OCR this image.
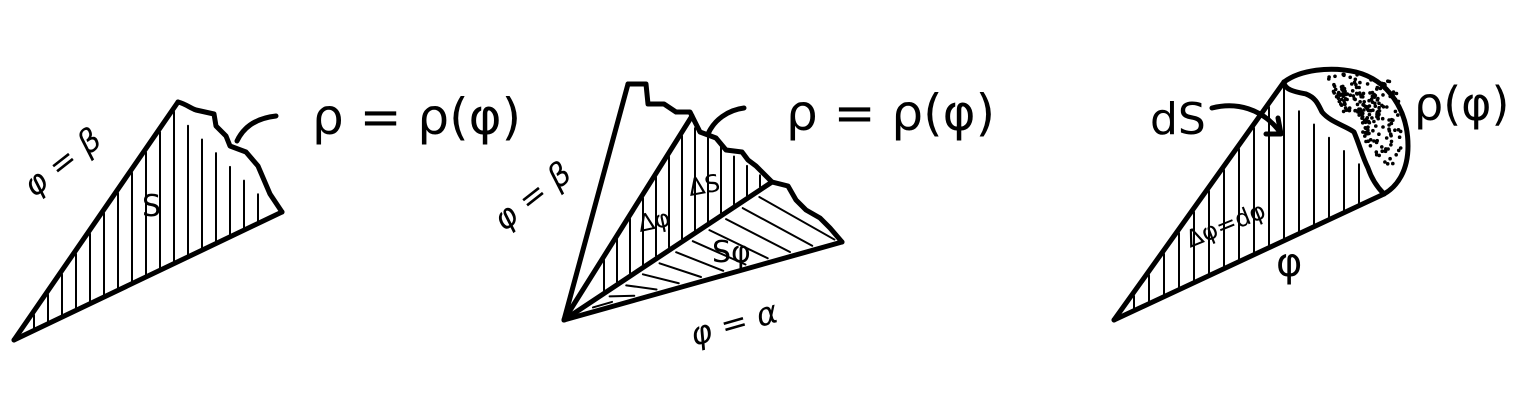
φ = β
S
ρ = ρ(φ)
φ = β Δφ
ΔS
Sφ
φ = α
ρ = ρ(φ)	dS
Δφ=dφ
φ
ρ(φ)
